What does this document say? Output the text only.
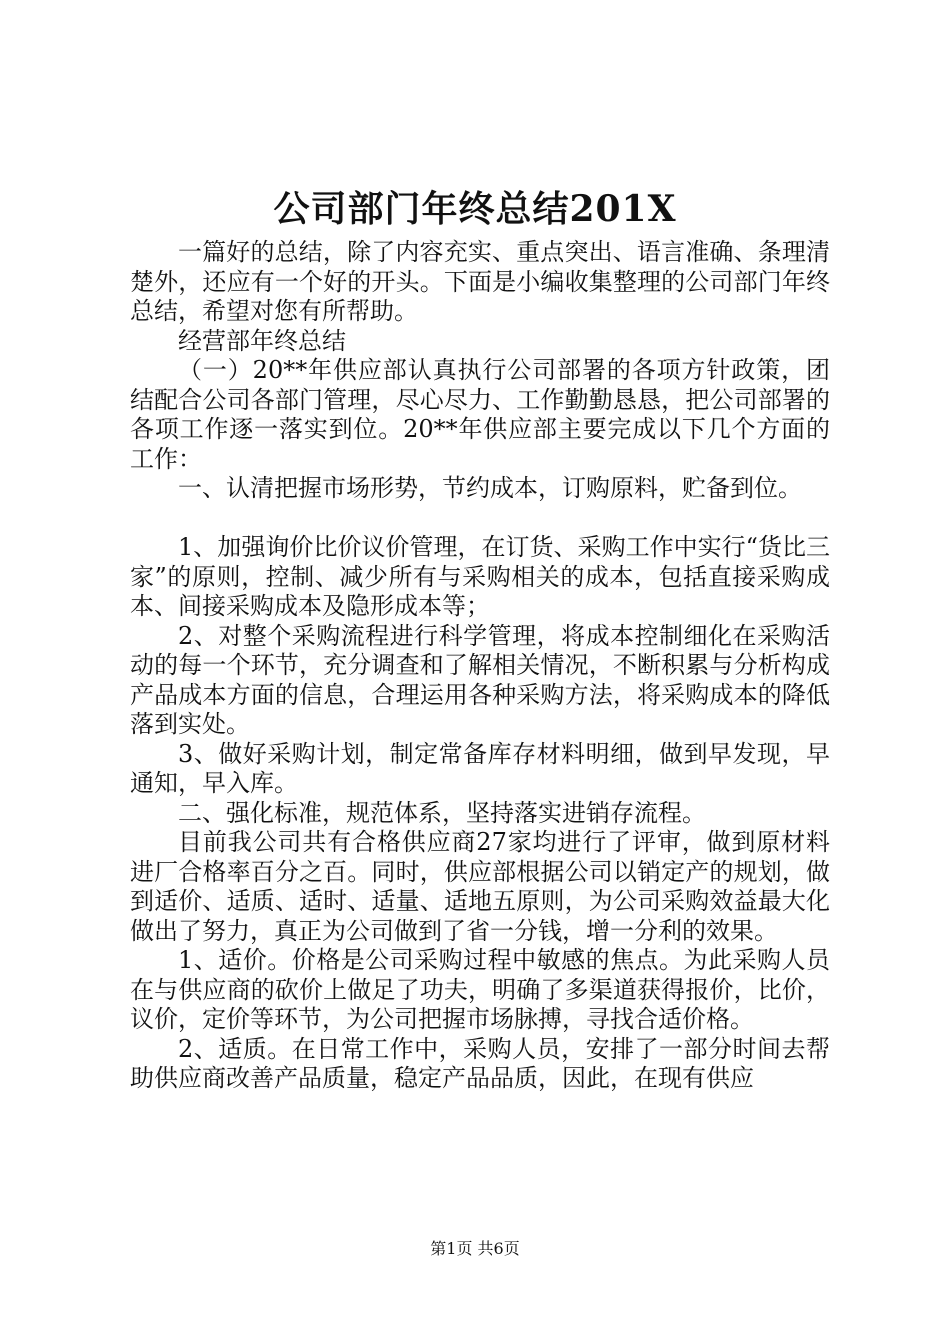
公司部门年终总结201X

一篇好的总结，除了内容充实、重点突出、语言准确、条理清楚外，还应有一个好的开头。下面是小编收集整理的公司部门年终总结，希望对您有所帮助。

经营部年终总结

（一）20**年供应部认真执行公司部署的各项方针政策，团结配合公司各部门管理，尽心尽力、工作勤勤恳恳，把公司部署的各项工作逐一落实到位。20**年供应部主要完成以下几个方面的工作：

一、认清把握市场形势，节约成本，订购原料，贮备到位。

1、加强询价比价议价管理，在订货、采购工作中实行“货比三家”的原则，控制、减少所有与采购相关的成本，包括直接采购成本、间接采购成本及隐形成本等；

2、对整个采购流程进行科学管理，将成本控制细化在采购活动的每一个环节，充分调查和了解相关情况，不断积累与分析构成产品成本方面的信息，合理运用各种采购方法，将采购成本的降低落到实处。

3、做好采购计划，制定常备库存材料明细，做到早发现，早通知，早入库。

二、强化标准，规范体系，坚持落实进销存流程。

目前我公司共有合格供应商27家均进行了评审，做到原材料进厂合格率百分之百。同时，供应部根据公司以销定产的规划，做到适价、适质、适时、适量、适地五原则，为公司采购效益最大化做出了努力，真正为公司做到了省一分钱，增一分利的效果。

1、适价。价格是公司采购过程中敏感的焦点。为此采购人员在与供应商的砍价上做足了功夫，明确了多渠道获得报价，比价，议价，定价等环节，为公司把握市场脉搏，寻找合适价格。

2、适质。在日常工作中，采购人员，安排了一部分时间去帮助供应商改善产品质量，稳定产品品质，因此，在现有供应

第1页 共6页
